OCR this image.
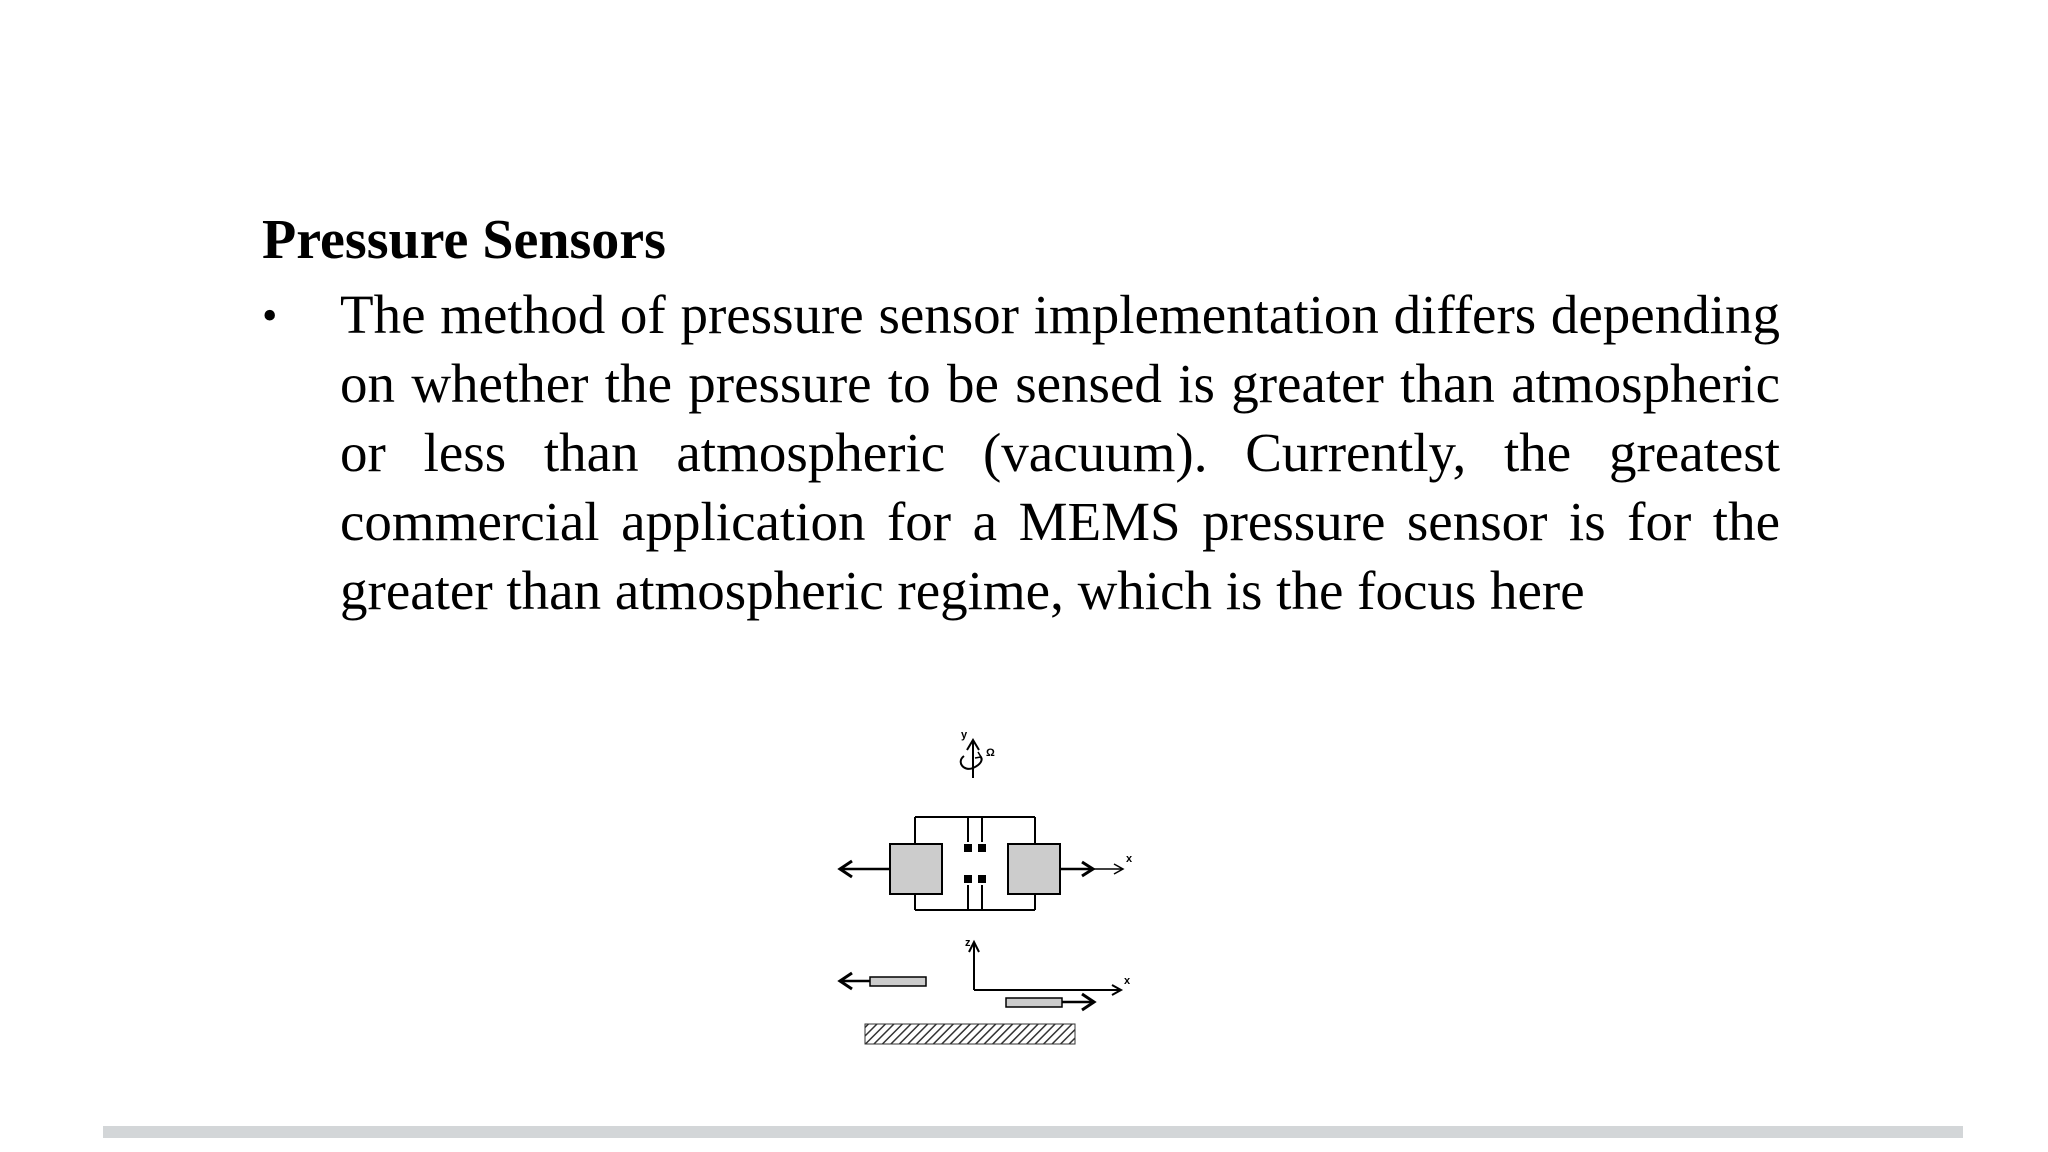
Pressure Sensors
• The method of pressure sensor implementation differs depending on whether the pressure to be sensed is greater than atmospheric or less than atmospheric (vacuum). Currently, the greatest commercial application for a MEMS pressure sensor is for the greater than atmospheric regime, which is the focus here
y
Ω
x
z
x
